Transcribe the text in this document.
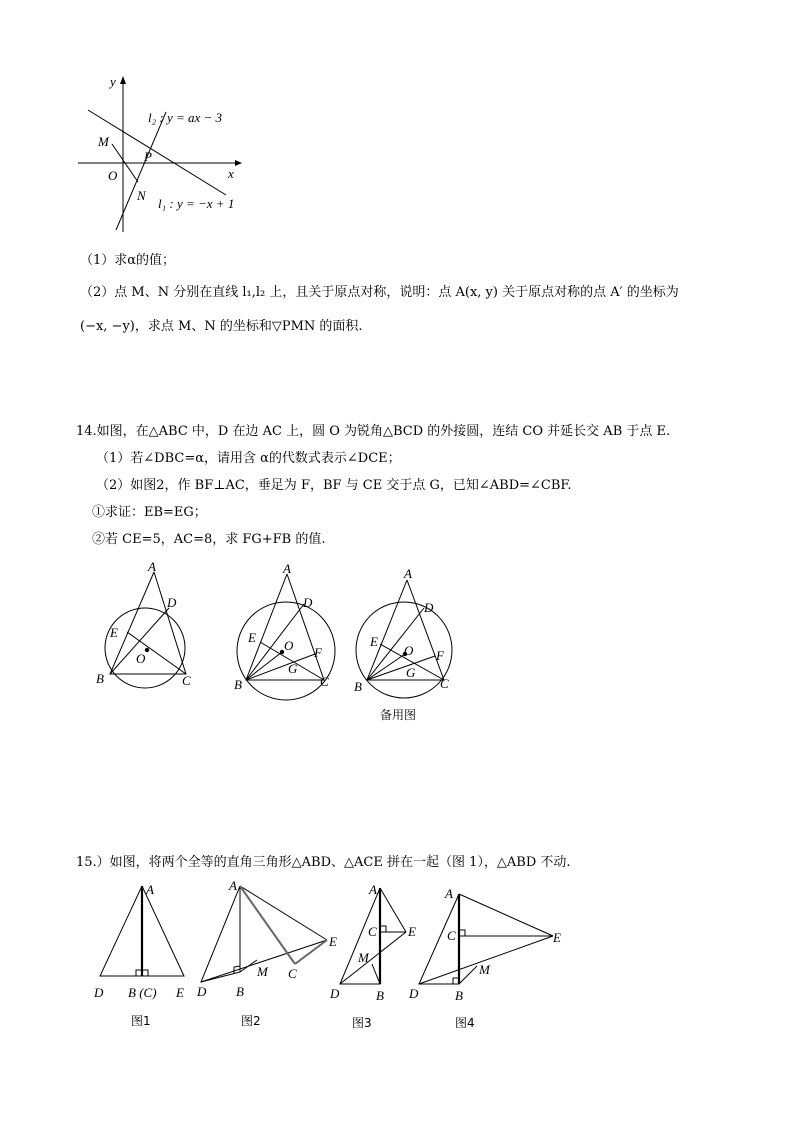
y
x
O
M
N
P
l₂ : y = ax − 3
l₁ : y = −x + 1
（1）求α的值；
（2）点 M、N 分别在直线 l₁,l₂ 上，且关于原点对称，说明：点 A(x, y) 关于原点对称的点 A′ 的坐标为
(−x, −y)，求点 M、N 的坐标和▽PMN 的面积.
14.如图，在△ABC 中，D 在边 AC 上，圆 O 为锐角△BCD 的外接圆，连结 CO 并延长交 AB 于点 E.
（1）若∠DBC=α，请用含 α的代数式表示∠DCE；
（2）如图2，作 BF⊥AC，垂足为 F，BF 与 CE 交于点 G，已知∠ABD=∠CBF.
①求证：EB=EG；
②若 CE=5，AC=8，求 FG+FB 的值.
A
D
E
O
B	C
A
D
E
O F
G
B	C
A
D
E
O F
G
B	C
备用图
15.）如图，将两个全等的直角三角形△ABD、△ACE 拼在一起（图 1），△ABD 不动.
A
D B (C) E
A
E
M C
D B
A
C E
M
D	B
A
C	E
M
D	B
图1	图2	图3	图4
